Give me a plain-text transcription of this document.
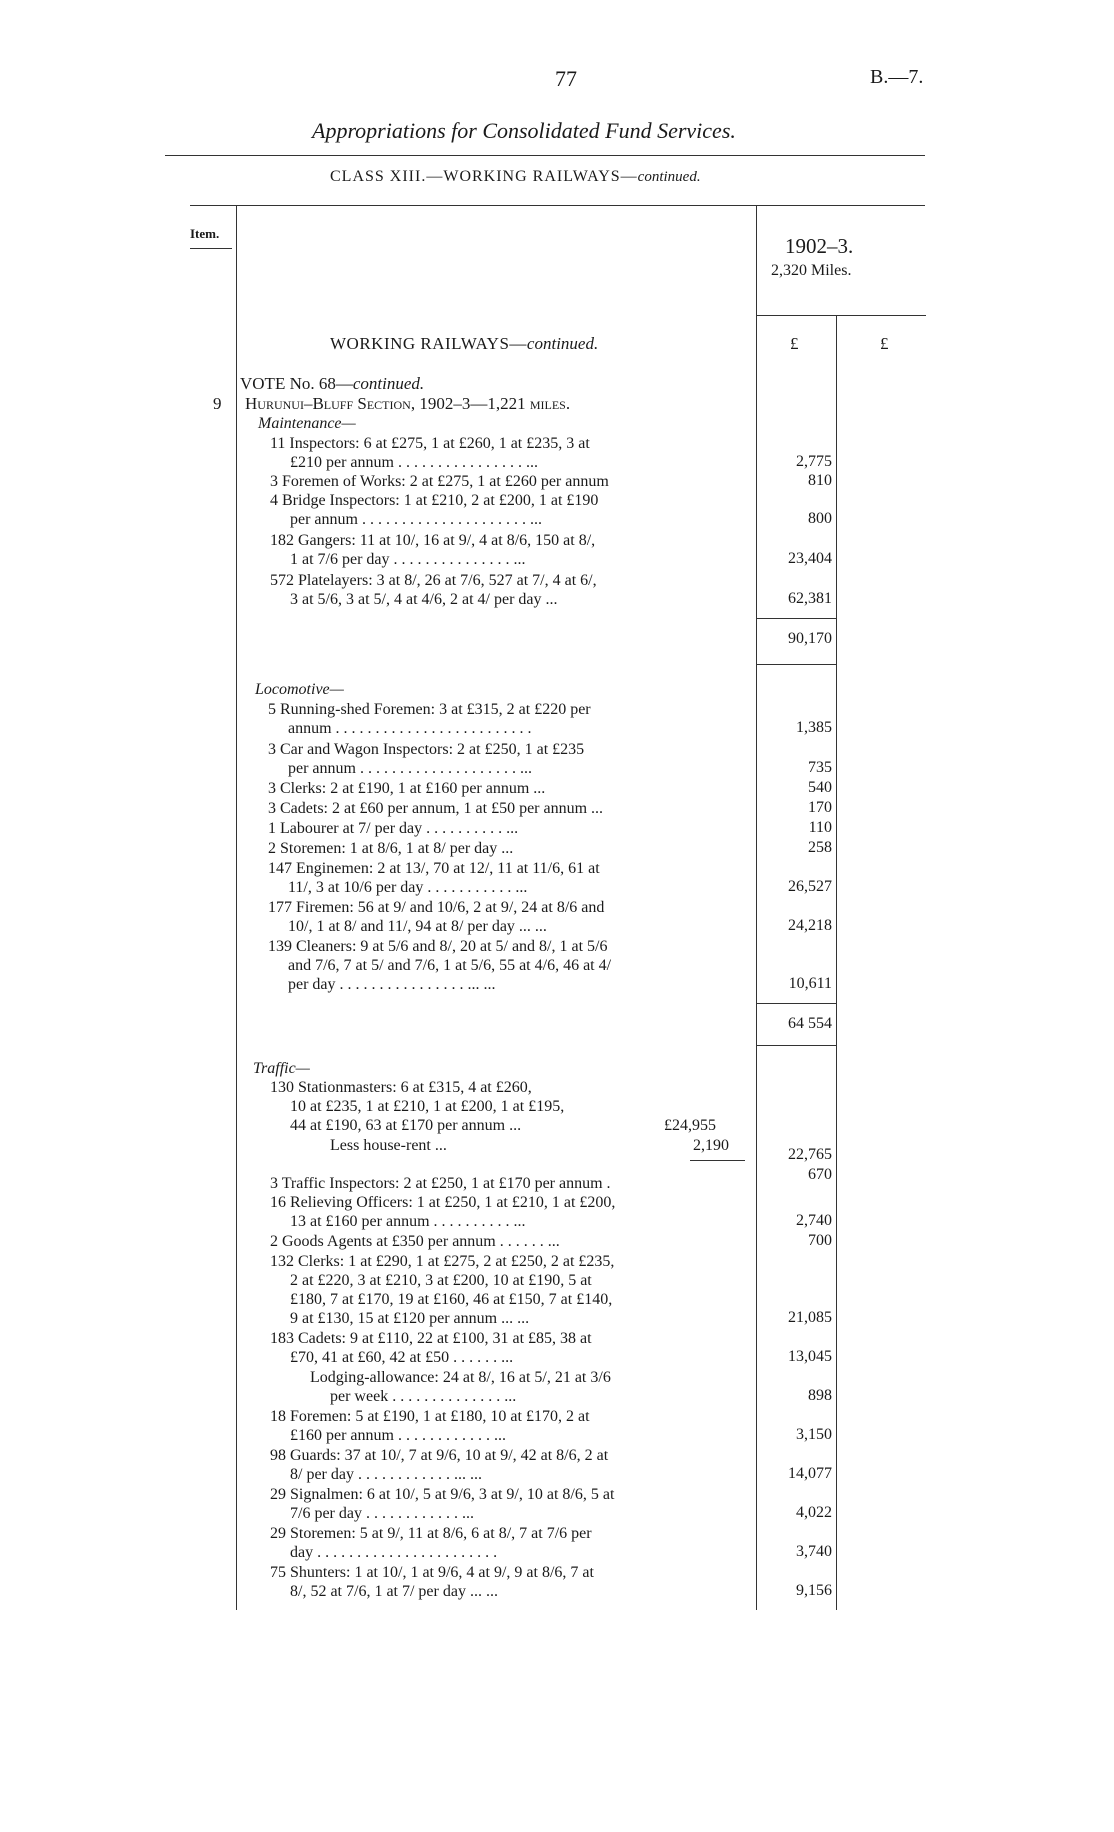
77	B.—7.
Appropriations for Consolidated Fund Services.
CLASS XIII.—WORKING RAILWAYS—continued.
Item.
1902–3.
2,320 Miles.
£	£
WORKING RAILWAYS—continued.
VOTE No. 68—continued.
9 Hurunui–Bluff Section, 1902–3—1,221 miles.
Maintenance—
11 Inspectors: 6 at £275, 1 at £260, 1 at £235, 3 at
£210 per annum . . . . . . . . . . . . . . . . ...
3 Foremen of Works: 2 at £275, 1 at £260 per annum
4 Bridge Inspectors: 1 at £210, 2 at £200, 1 at £190
per annum . . . . . . . . . . . . . . . . . . . . . ...
182 Gangers: 11 at 10/, 16 at 9/, 4 at 8/6, 150 at 8/,
1 at 7/6 per day . . . . . . . . . . . . . . . ...
572 Platelayers: 3 at 8/, 26 at 7/6, 527 at 7/, 4 at 6/,
3 at 5/6, 3 at 5/, 4 at 4/6, 2 at 4/ per day ...
2,775
810
800
23,404
62,381
90,170
Locomotive—
5 Running-shed Foremen: 3 at £315, 2 at £220 per
annum . . . . . . . . . . . . . . . . . . . . . . . . .
3 Car and Wagon Inspectors: 2 at £250, 1 at £235
per annum . . . . . . . . . . . . . . . . . . . . ...
3 Clerks: 2 at £190, 1 at £160 per annum ...
3 Cadets: 2 at £60 per annum, 1 at £50 per annum ...
1 Labourer at 7/ per day . . . . . . . . . . ...
2 Storemen: 1 at 8/6, 1 at 8/ per day ...
147 Enginemen: 2 at 13/, 70 at 12/, 11 at 11/6, 61 at
11/, 3 at 10/6 per day . . . . . . . . . . . ...
177 Firemen: 56 at 9/ and 10/6, 2 at 9/, 24 at 8/6 and
10/, 1 at 8/ and 11/, 94 at 8/ per day ... ...
139 Cleaners: 9 at 5/6 and 8/, 20 at 5/ and 8/, 1 at 5/6
and 7/6, 7 at 5/ and 7/6, 1 at 5/6, 55 at 4/6, 46 at 4/
per day . . . . . . . . . . . . . . . . ... ...
1,385
735
540
170
110
258
26,527
24,218
10,611
64 554
Traffic—
130 Stationmasters: 6 at £315, 4 at £260,
10 at £235, 1 at £210, 1 at £200, 1 at £195,
44 at £190, 63 at £170 per annum ...
Less house-rent ...
£24,955
2,190
3 Traffic Inspectors: 2 at £250, 1 at £170 per annum .
16 Relieving Officers: 1 at £250, 1 at £210, 1 at £200,
13 at £160 per annum . . . . . . . . . . ...
2 Goods Agents at £350 per annum . . . . . . ...
132 Clerks: 1 at £290, 1 at £275, 2 at £250, 2 at £235,
2 at £220, 3 at £210, 3 at £200, 10 at £190, 5 at
£180, 7 at £170, 19 at £160, 46 at £150, 7 at £140,
9 at £130, 15 at £120 per annum ... ...
183 Cadets: 9 at £110, 22 at £100, 31 at £85, 38 at
£70, 41 at £60, 42 at £50 . . . . . . ...
Lodging-allowance: 24 at 8/, 16 at 5/, 21 at 3/6
per week . . . . . . . . . . . . . . ...
18 Foremen: 5 at £190, 1 at £180, 10 at £170, 2 at
£160 per annum . . . . . . . . . . . . ...
98 Guards: 37 at 10/, 7 at 9/6, 10 at 9/, 42 at 8/6, 2 at
8/ per day . . . . . . . . . . . . ... ...
29 Signalmen: 6 at 10/, 5 at 9/6, 3 at 9/, 10 at 8/6, 5 at
7/6 per day . . . . . . . . . . . . ...
29 Storemen: 5 at 9/, 11 at 8/6, 6 at 8/, 7 at 7/6 per
day . . . . . . . . . . . . . . . . . . . . . . .
75 Shunters: 1 at 10/, 1 at 9/6, 4 at 9/, 9 at 8/6, 7 at
8/, 52 at 7/6, 1 at 7/ per day ... ...
22,765
670
2,740
700
21,085
13,045
898
3,150
14,077
4,022
3,740
9,156
